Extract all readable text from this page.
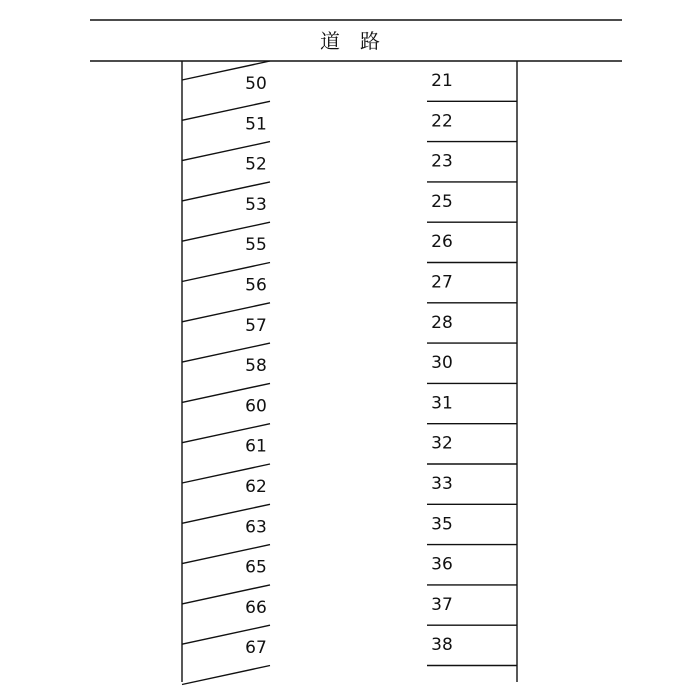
道　路
50
51
52
53
55
56
57
58
60
61
62
63
65
66
67
21
22
23
25
26
27
28
30
31
32
33
35
36
37
38
